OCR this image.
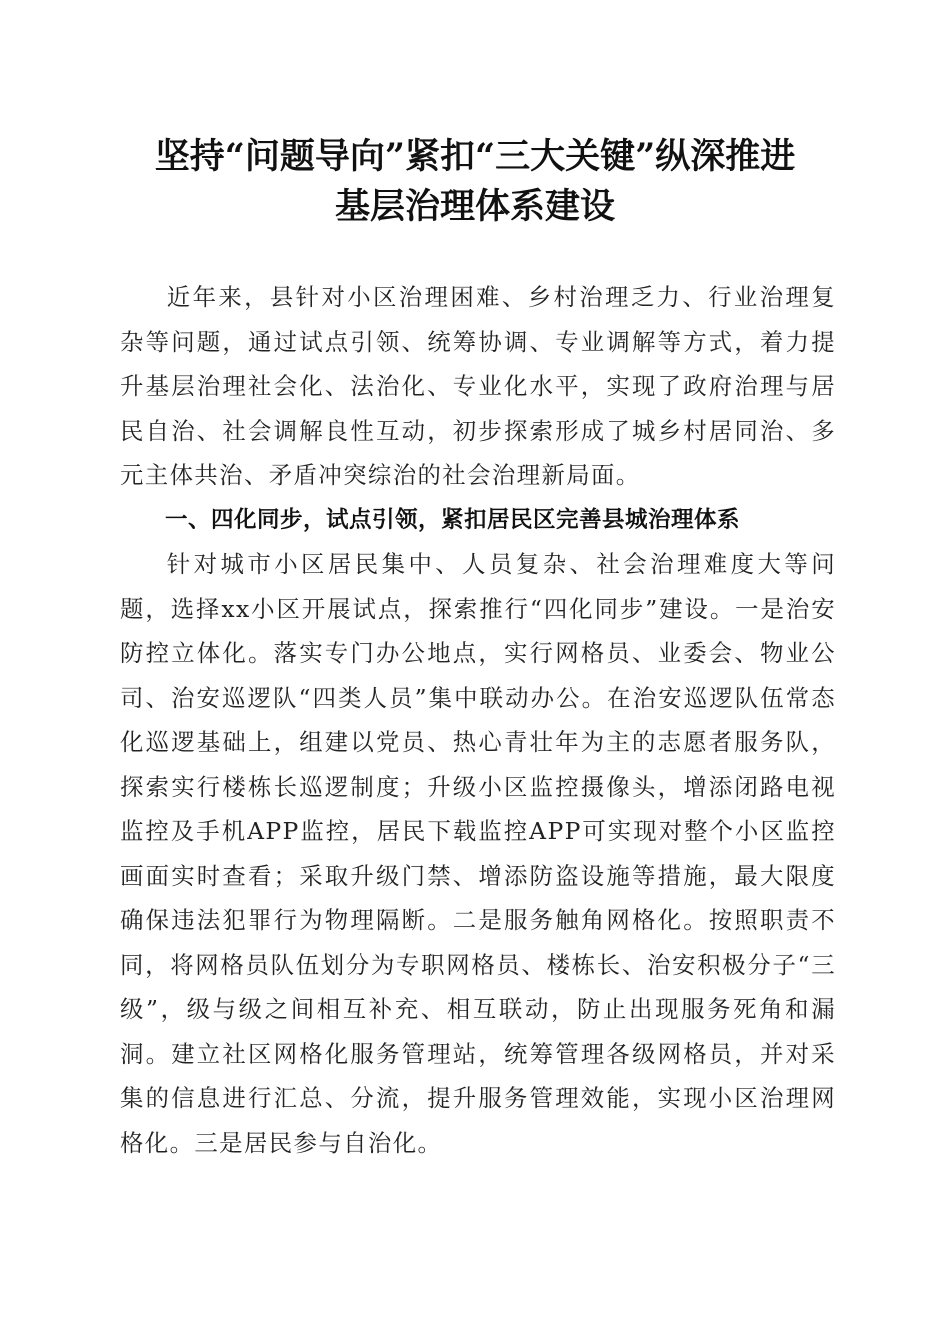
坚持“问题导向”紧扣“三大关键”纵深推进
基层治理体系建设

近年来，县针对小区治理困难、乡村治理乏力、行业治理复杂等问题，通过试点引领、统筹协调、专业调解等方式，着力提升基层治理社会化、法治化、专业化水平，实现了政府治理与居民自治、社会调解良性互动，初步探索形成了城乡村居同治、多元主体共治、矛盾冲突综治的社会治理新局面。

一、四化同步，试点引领，紧扣居民区完善县城治理体系

针对城市小区居民集中、人员复杂、社会治理难度大等问题，选择xx小区开展试点，探索推行“四化同步”建设。一是治安防控立体化。落实专门办公地点，实行网格员、业委会、物业公司、治安巡逻队“四类人员”集中联动办公。在治安巡逻队伍常态化巡逻基础上，组建以党员、热心青壮年为主的志愿者服务队，探索实行楼栋长巡逻制度；升级小区监控摄像头，增添闭路电视监控及手机APP监控，居民下载监控APP可实现对整个小区监控画面实时查看；采取升级门禁、增添防盗设施等措施，最大限度确保违法犯罪行为物理隔断。二是服务触角网格化。按照职责不同，将网格员队伍划分为专职网格员、楼栋长、治安积极分子“三级”，级与级之间相互补充、相互联动，防止出现服务死角和漏洞。建立社区网格化服务管理站，统筹管理各级网格员，并对采集的信息进行汇总、分流，提升服务管理效能，实现小区治理网格化。三是居民参与自治化。
